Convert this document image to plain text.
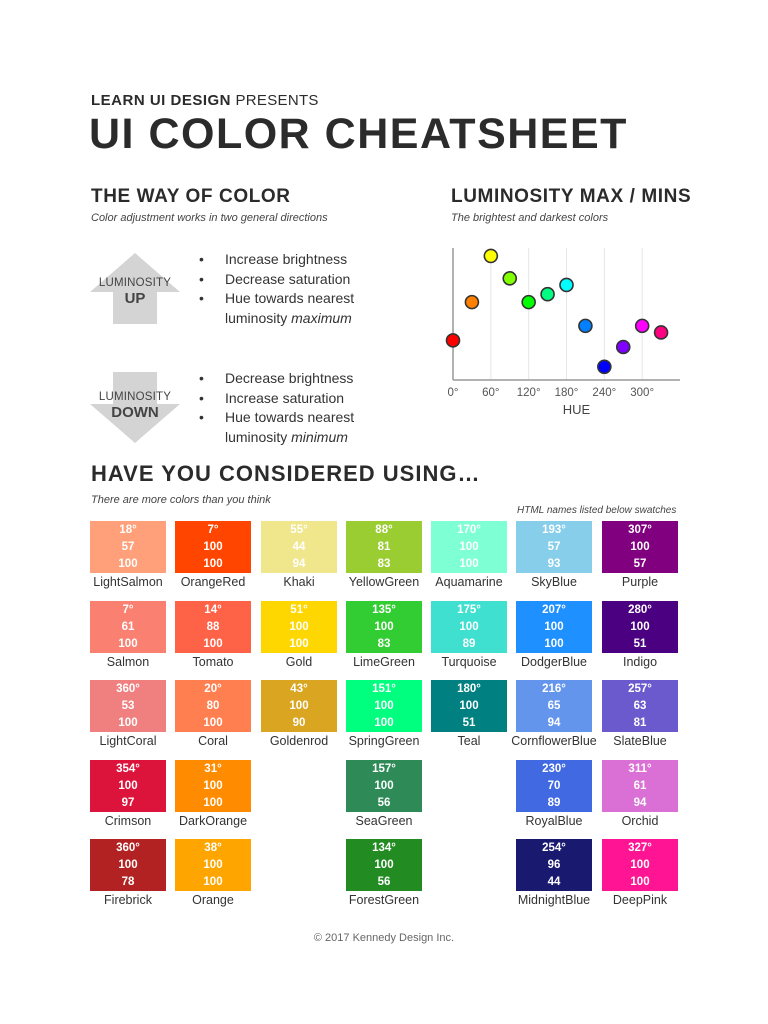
LEARN UI DESIGN PRESENTS
UI COLOR CHEATSHEET
THE WAY OF COLOR
Color adjustment works in two general directions
LUMINOSITY
UP
• Increase brightness
• Decrease saturation
• Hue towards nearest
luminosity maximum
LUMINOSITY
DOWN
• Decrease brightness
• Increase saturation
• Hue towards nearest
luminosity minimum
LUMINOSITY MAX / MINS
The brightest and darkest colors
0° 60° 120° 180° 240° 300°
HUE
HAVE YOU CONSIDERED USING…
There are more colors than you think
HTML names listed below swatches
18°
57
100
LightSalmon
7°
100
100
OrangeRed
55°
44
94
Khaki
88°
81
83
YellowGreen
170°
100
100
Aquamarine
193°
57
93
SkyBlue
307°
100
57
Purple
7°
61
100
Salmon
14°
88
100
Tomato
51°
100
100
Gold
135°
100
83
LimeGreen
175°
100
89
Turquoise
207°
100
100
DodgerBlue
280°
100
51
Indigo
360°
53
100
LightCoral
20°
80
100
Coral
43°
100
90
Goldenrod
151°
100
100
SpringGreen
180°
100
51
Teal
216°
65
94
CornflowerBlue
257°
63
81
SlateBlue
354°
100
97
Crimson
31°
100
100
DarkOrange
157°
100
56
SeaGreen
230°
70
89
RoyalBlue
311°
61
94
Orchid
360°
100
78
Firebrick
38°
100
100
Orange
134°
100
56
ForestGreen
254°
96
44
MidnightBlue
327°
100
100
DeepPink
© 2017 Kennedy Design Inc.
